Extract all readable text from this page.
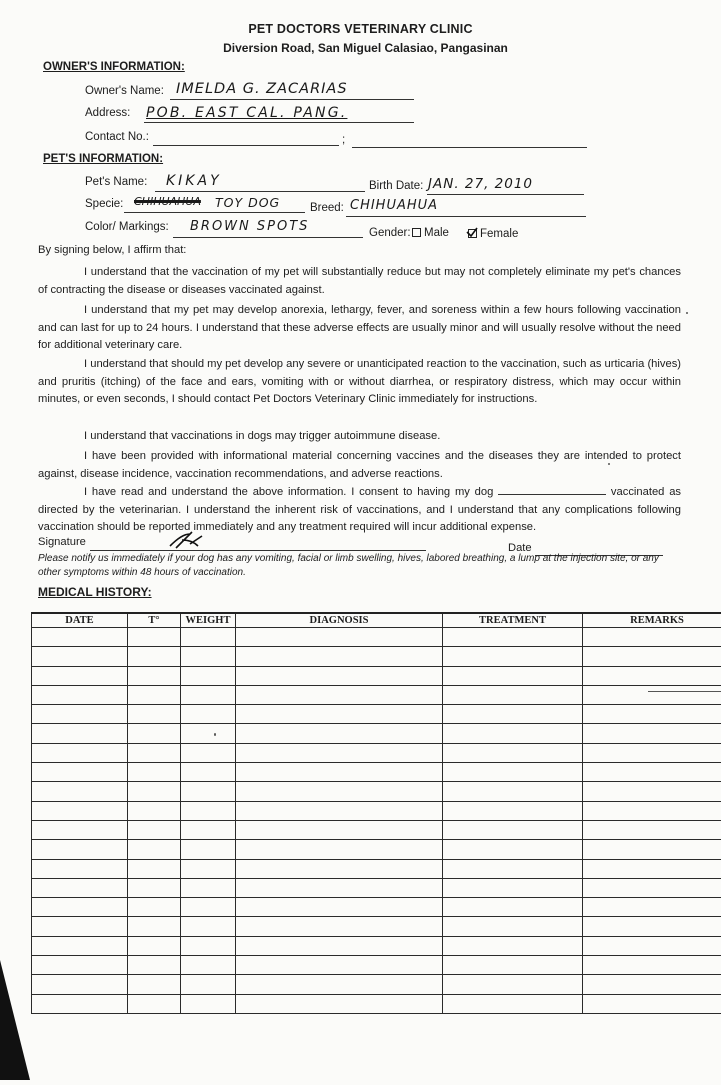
PET DOCTORS VETERINARY CLINIC
Diversion Road, San Miguel Calasiao, Pangasinan
OWNER'S INFORMATION:
Owner's Name: IMELDA G. ZACARIAS
Address: POB. EAST CAL. PANG.
Contact No.:	;
PET'S INFORMATION:
Pet's Name: KIKAY	Birth Date: JAN. 27, 2010
Specie: CHIHUAHUA TOY DOG	Breed: CHIHUAHUA
Color/ Markings: BROWN SPOTS	Gender:	Male	Female
By signing below, I affirm that:
I understand that the vaccination of my pet will substantially reduce but may not completely eliminate my pet's chances of contracting the disease or diseases vaccinated against.
I understand that my pet may develop anorexia, lethargy, fever, and soreness within a few hours following vaccination and can last for up to 24 hours. I understand that these adverse effects are usually minor and will usually resolve without the need for additional veterinary care.
I understand that should my pet develop any severe or unanticipated reaction to the vaccination, such as urticaria (hives) and pruritis (itching) of the face and ears, vomiting with or without diarrhea, or respiratory distress, which may occur within minutes, or even seconds, I should contact Pet Doctors Veterinary Clinic immediately for instructions.
I understand that vaccinations in dogs may trigger autoimmune disease.
I have been provided with informational material concerning vaccines and the diseases they are intended to protect against, disease incidence, vaccination recommendations, and adverse reactions.
I have read and understand the above information. I consent to having my dog	vaccinated as directed by the veterinarian. I understand the inherent risk of vaccinations, and I understand that any complications following vaccination should be reported immediately and any treatment required will incur additional expense.
Signature	Date
Please notify us immediately if your dog has any vomiting, facial or limb swelling, hives, labored breathing, a lump at the injection site, or any other symptoms within 48 hours of vaccination.
MEDICAL HISTORY:
DATE	T°	WEIGHT	DIAGNOSIS	TREATMENT	REMARKS
